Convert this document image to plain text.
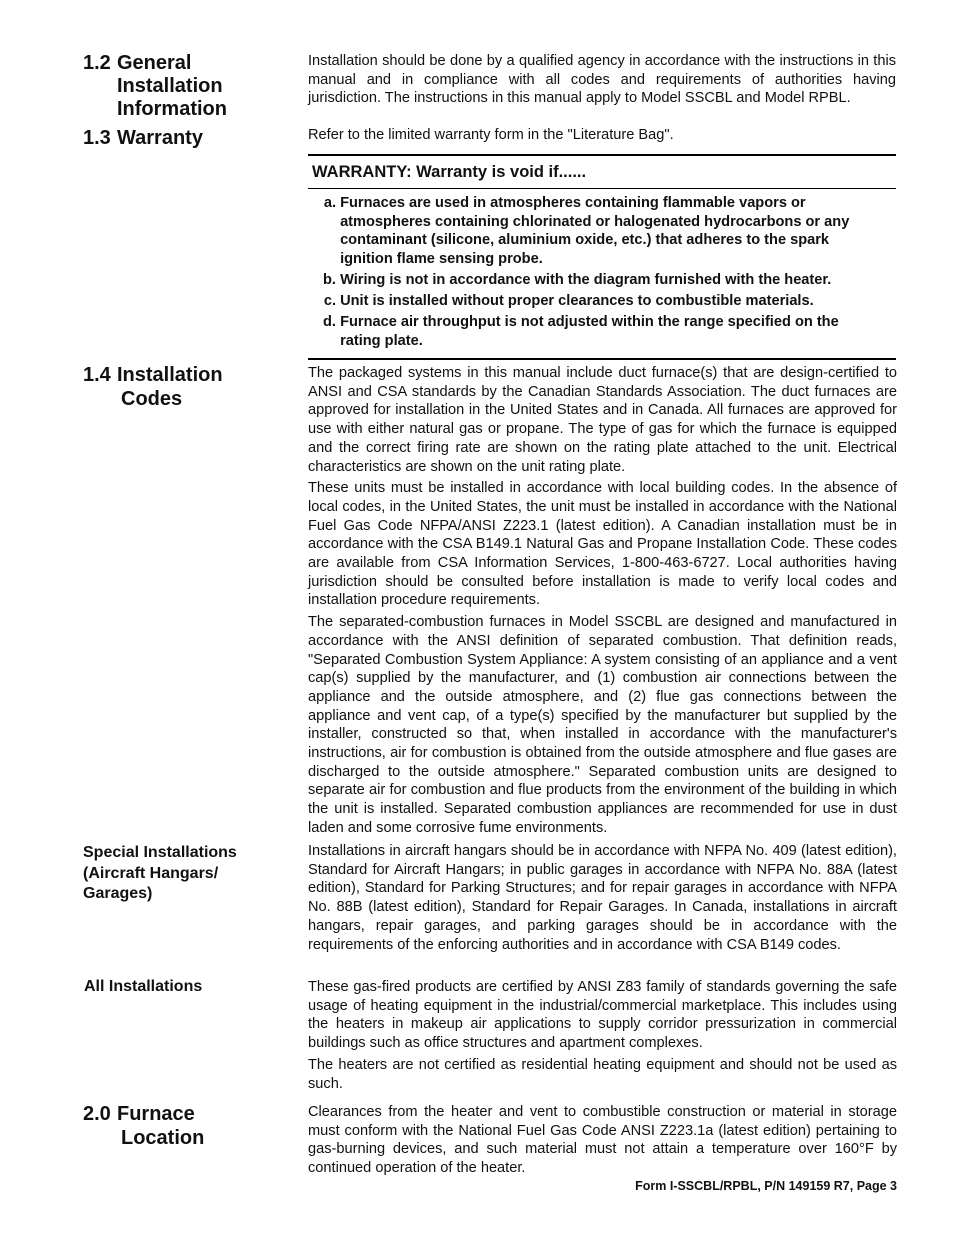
1.2 General
Installation
Information

Installation should be done by a qualified agency in accordance with the instructions in this manual and in compliance with all codes and requirements of authorities having jurisdiction. The instructions in this manual apply to Model SSCBL and Model RPBL.

1.3 Warranty	Refer to the limited warranty form in the "Literature Bag".

WARRANTY: Warranty is void if......
a.
Furnaces are used in atmospheres containing flammable vapors or atmospheres containing chlorinated or halogenated hydrocarbons or any contaminant (silicone, aluminium oxide, etc.) that adheres to the spark ignition flame sensing probe.
b.
Wiring is not in accordance with the diagram furnished with the heater.
c.
Unit is installed without proper clearances to combustible materials.
d.
Furnace air throughput is not adjusted within the range specified on the rating plate.
1.4 Installation
Codes

The packaged systems in this manual include duct furnace(s) that are design-certified to ANSI and CSA standards by the Canadian Standards Association. The duct furnaces are approved for installation in the United States and in Canada. All furnaces are approved for use with either natural gas or propane. The type of gas for which the furnace is equipped and the correct firing rate are shown on the rating plate attached to the unit. Electrical characteristics are shown on the unit rating plate.

These units must be installed in accordance with local building codes. In the absence of local codes, in the United States, the unit must be installed in accordance with the National Fuel Gas Code NFPA/ANSI Z223.1 (latest edition). A Canadian installation must be in accordance with the CSA B149.1 Natural Gas and Propane Installation Code. These codes are available from CSA Information Services, 1-800-463-6727. Local authorities having jurisdiction should be consulted before installation is made to verify local codes and installation procedure requirements.

The separated-combustion furnaces in Model SSCBL are designed and manufactured in accordance with the ANSI definition of separated combustion. That definition reads, "Separated Combustion System Appliance: A system consisting of an appliance and a vent cap(s) supplied by the manufacturer, and (1) combustion air connections between the appliance and the outside atmosphere, and (2) flue gas connections between the appliance and vent cap, of a type(s) specified by the manufacturer but supplied by the installer, constructed so that, when installed in accordance with the manufacturer's instructions, air for combustion is obtained from the outside atmosphere and flue gases are discharged to the outside atmosphere." Separated combustion units are designed to separate air for combustion and flue products from the environment of the building in which the unit is installed. Separated combustion appliances are recommended for use in dust laden and some corrosive fume environments.

Special Installations
(Aircraft Hangars/
Garages)

Installations in aircraft hangars should be in accordance with NFPA No. 409 (latest edition), Standard for Aircraft Hangars; in public garages in accordance with NFPA No. 88A (latest edition), Standard for Parking Structures; and for repair garages in accordance with NFPA No. 88B (latest edition), Standard for Repair Garages. In Canada, installations in aircraft hangars, repair garages, and parking garages should be in accordance with the requirements of the enforcing authorities and in accordance with CSA B149 codes.

All Installations	These gas-fired products are certified by ANSI Z83 family of standards governing the safe usage of heating equipment in the industrial/commercial marketplace. This includes using the heaters in makeup air applications to supply corridor pressurization in commercial buildings such as office structures and apartment complexes.

The heaters are not certified as residential heating equipment and should not be used as such.

2.0 Furnace
Location

Clearances from the heater and vent to combustible construction or material in storage must conform with the National Fuel Gas Code ANSI Z223.1a (latest edition) pertaining to gas-burning devices, and such material must not attain a temperature over 160°F by continued operation of the heater.

Form I-SSCBL/RPBL, P/N 149159 R7, Page 3
